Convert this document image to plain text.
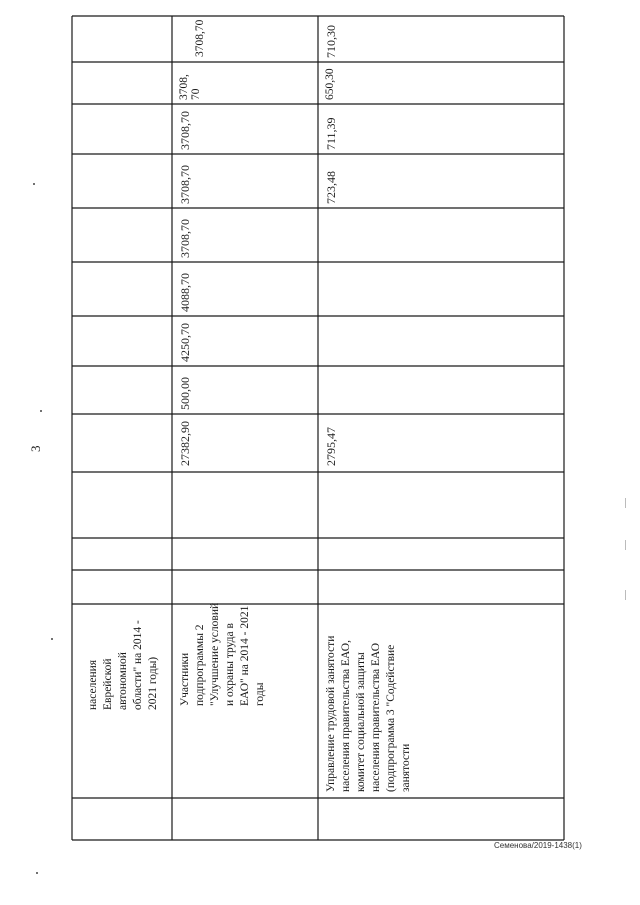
населения Еврейской автономной области" на 2014 - 2021 годы)
3708,70
Участники подпрограммы 2 "Улучшение условий и охраны труда в ЕАО" на 2014 - 2021 годы
27382,90
500,00
4250,70
4088,70
3708,70
3708,70
3708,70
3708, 70
Управление трудовой занятости населения правительства ЕАО, комитет социальной защиты населения правительства ЕАО (подпрограмма 3 "Содействие занятости
2795,47
723,48
711,39
650,30
710,30
3
Семенова/2019-1438(1)
